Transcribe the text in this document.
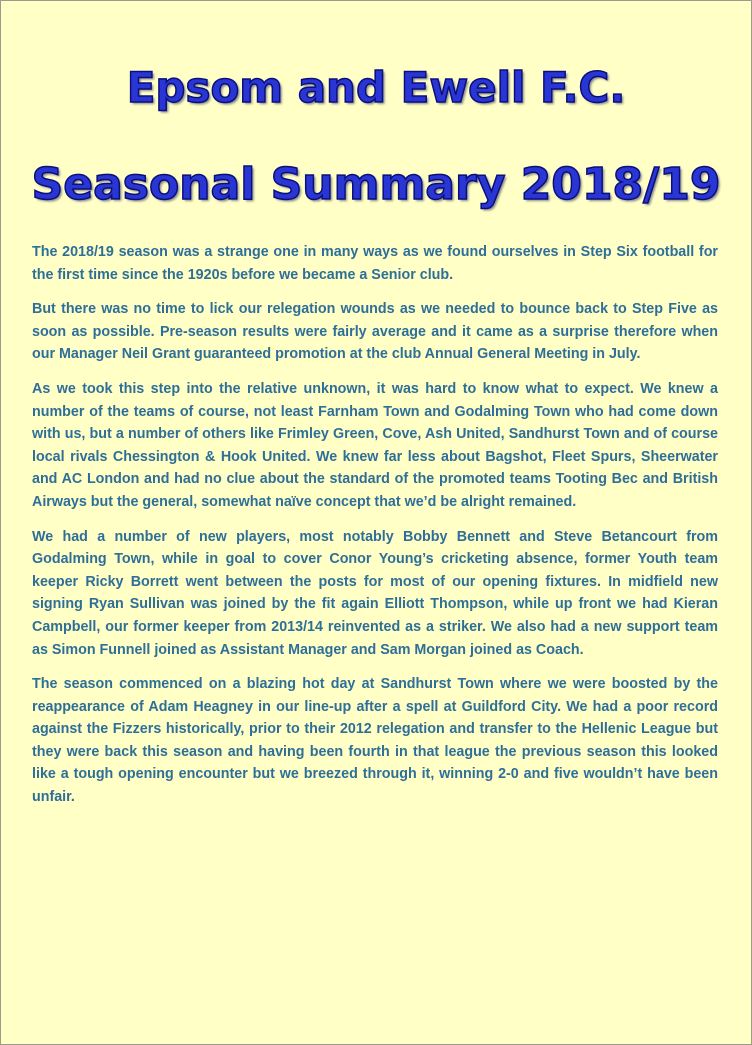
Epsom and Ewell F.C.
Seasonal Summary 2018/19

The 2018/19 season was a strange one in many ways as we found ourselves in Step Six football for the first time since the 1920s before we became a Senior club.

But there was no time to lick our relegation wounds as we needed to bounce back to Step Five as soon as possible. Pre-season results were fairly average and it came as a surprise therefore when our Manager Neil Grant guaranteed promotion at the club Annual General Meeting in July.

As we took this step into the relative unknown, it was hard to know what to expect. We knew a number of the teams of course, not least Farnham Town and Godalming Town who had come down with us, but a number of others like Frimley Green, Cove, Ash United, Sandhurst Town and of course local rivals Chessington & Hook United. We knew far less about Bagshot, Fleet Spurs, Sheerwater and AC London and had no clue about the standard of the promoted teams Tooting Bec and British Airways but the general, somewhat naïve concept that we’d be alright remained.

We had a number of new players, most notably Bobby Bennett and Steve Betancourt from Godalming Town, while in goal to cover Conor Young’s cricketing absence, former Youth team keeper Ricky Borrett went between the posts for most of our opening fixtures. In midfield new signing Ryan Sullivan was joined by the fit again Elliott Thompson, while up front we had Kieran Campbell, our former keeper from 2013/14 reinvented as a striker. We also had a new support team as Simon Funnell joined as Assistant Manager and Sam Morgan joined as Coach.

The season commenced on a blazing hot day at Sandhurst Town where we were boosted by the reappearance of Adam Heagney in our line-up after a spell at Guildford City. We had a poor record against the Fizzers historically, prior to their 2012 relegation and transfer to the Hellenic League but they were back this season and having been fourth in that league the previous season this looked like a tough opening encounter but we breezed through it, winning 2-0 and five wouldn’t have been unfair.
